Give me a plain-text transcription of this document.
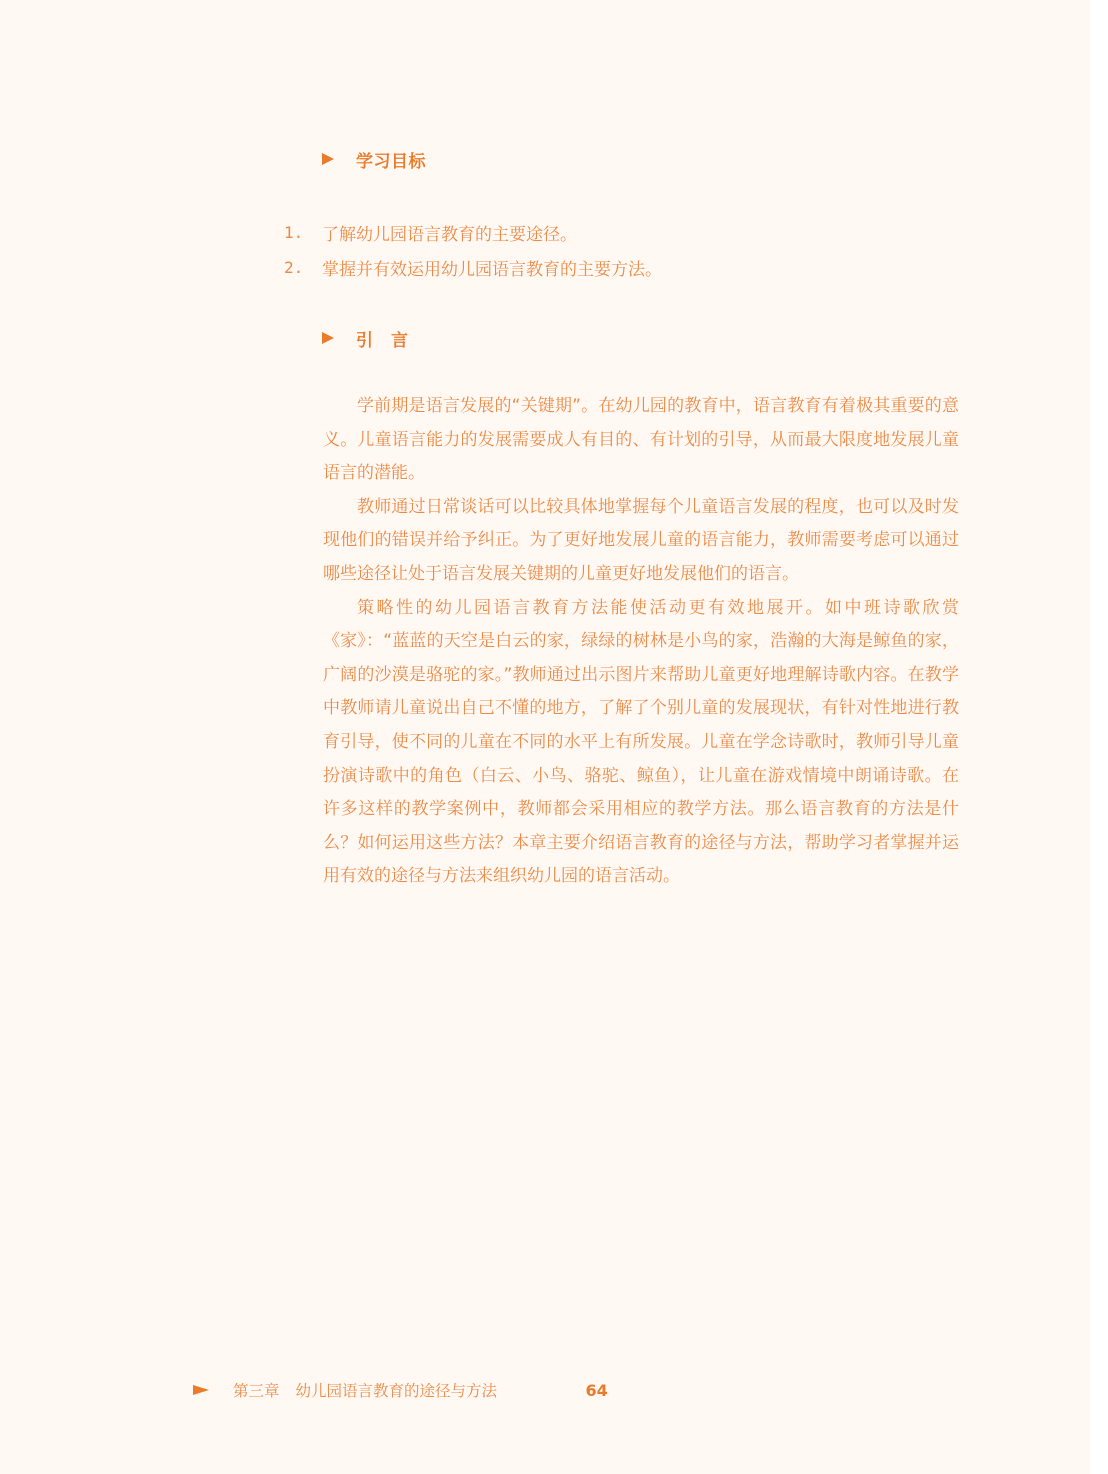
学习目标
1.	了解幼儿园语言教育的主要途径。
2.	掌握并有效运用幼儿园语言教育的主要方法。
引　言

学前期是语言发展的“关键期”。在幼儿园的教育中，语言教育有着极其重要的意义。儿童语言能力的发展需要成人有目的、有计划的引导，从而最大限度地发展儿童语言的潜能。

教师通过日常谈话可以比较具体地掌握每个儿童语言发展的程度，也可以及时发现他们的错误并给予纠正。为了更好地发展儿童的语言能力，教师需要考虑可以通过哪些途径让处于语言发展关键期的儿童更好地发展他们的语言。

策略性的幼儿园语言教育方法能使活动更有效地展开。如中班诗歌欣赏《家》：“蓝蓝的天空是白云的家，绿绿的树林是小鸟的家，浩瀚的大海是鲸鱼的家，广阔的沙漠是骆驼的家。”教师通过出示图片来帮助儿童更好地理解诗歌内容。在教学中教师请儿童说出自己不懂的地方，了解了个别儿童的发展现状，有针对性地进行教育引导，使不同的儿童在不同的水平上有所发展。儿童在学念诗歌时，教师引导儿童扮演诗歌中的角色（白云、小鸟、骆驼、鲸鱼），让儿童在游戏情境中朗诵诗歌。在许多这样的教学案例中，教师都会采用相应的教学方法。那么语言教育的方法是什么？如何运用这些方法？本章主要介绍语言教育的途径与方法，帮助学习者掌握并运用有效的途径与方法来组织幼儿园的语言活动。

第三章 幼儿园语言教育的途径与方法	64
